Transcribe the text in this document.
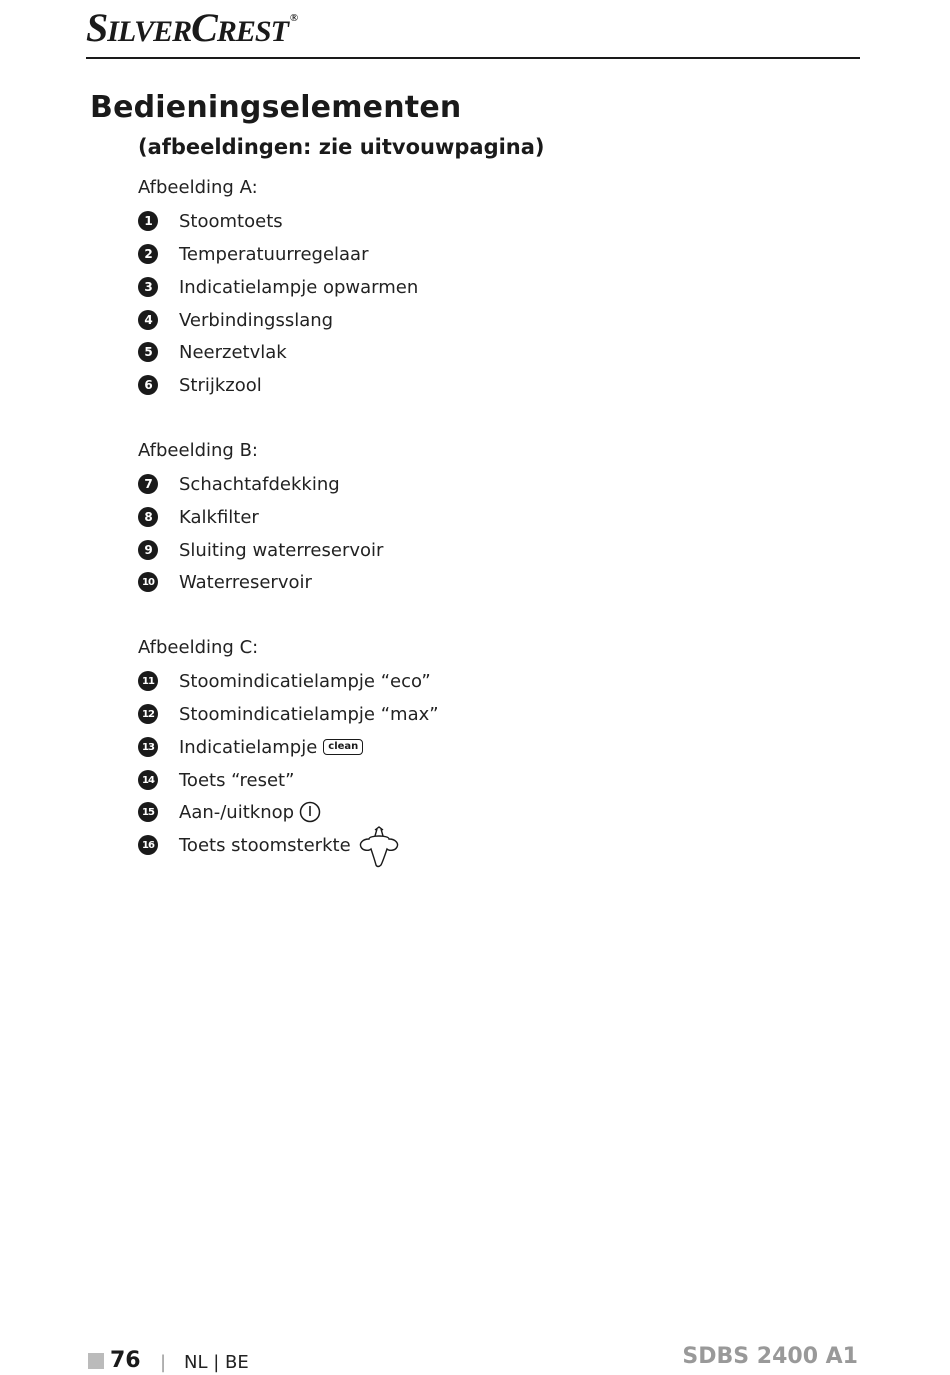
SILVERCREST ®
Bedieningselementen
(afbeeldingen: zie uitvouwpagina)
Afbeelding A:
1	Stoomtoets
2	Temperatuurregelaar
3	Indicatielampje opwarmen
4	Verbindingsslang
5	Neerzetvlak
6	Strijkzool
Afbeelding B:
7	Schachtafdekking
8	Kalkfilter
9	Sluiting waterreservoir
10 Waterreservoir
Afbeelding C:
11 Stoomindicatielampje “eco”
12 Stoomindicatielampje “max”
13 Indicatielampje	clean
14 Toets “reset”
15 Aan-/uitknop
16 Toets stoomsterkte
76 | NL | BE	SDBS 2400 A1
